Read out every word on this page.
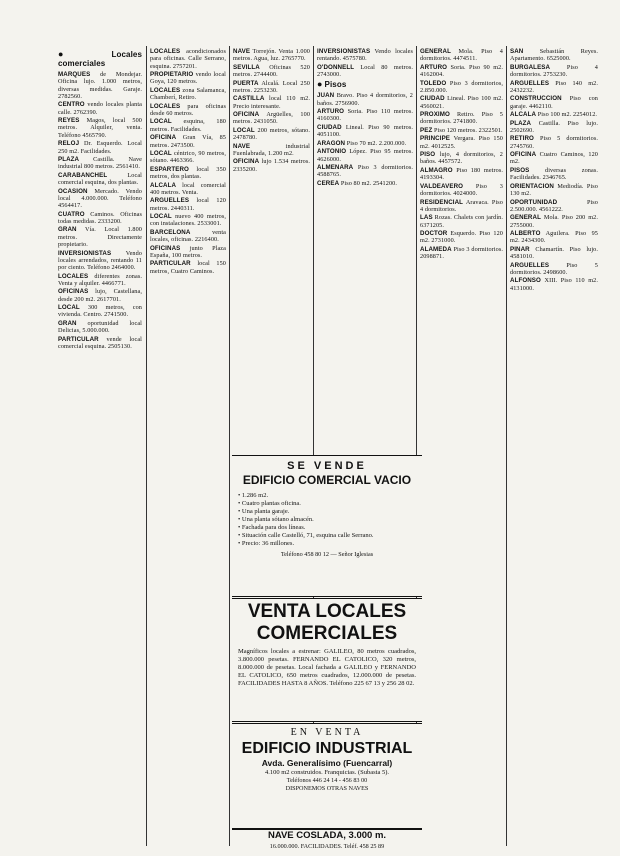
● Locales comerciales

MARQUES de Mondejar. Oficina lujo. 1.000 metros, diversas medidas. Garaje. 2782560.

CENTRO vendo locales planta calle. 2762390.

REYES Magos, local 500 metros. Alquiler, venta. Teléfono 4565790.

RELOJ Dr. Esquerdo. Local 250 m2. Facilidades.

PLAZA Castilla. Nave industrial 800 metros. 2561410.

CARABANCHEL	Local comercial esquina, dos plantas.

OCASION Mercado. Vendo local 4.000.000. Teléfono 4564417.

CUATRO Caminos. Oficinas todas medidas. 2333200.

GRAN Vía. Local 1.800 metros. Directamente propietario.

INVERSIONISTAS Vendo locales arrendados, rentando 11 por ciento. Teléfono 2464000.

LOCALES diferentes zonas. Venta y alquiler. 4466771.

OFICINAS lujo, Castellana, desde 200 m2. 2617701.

LOCAL 300 metros, con vivienda. Centro. 2741500.

GRAN oportunidad local Delicias, 5.000.000.

PARTICULAR vende local comercial esquina. 2505130.

LOCALES acondicionados para oficinas. Calle Serrano, esquina. 2757201.

PROPIETARIO vendo local Goya, 120 metros.

LOCALES zona Salamanca, Chamberí, Retiro.

LOCALES para oficinas desde 60 metros.

LOCAL esquina, 180 metros. Facilidades.

OFICINA Gran Vía, 85 metros. 2473500.

LOCAL céntrico, 90 metros, sótano. 4463366.

ESPARTERO local 350 metros, dos plantas.

ALCALA local comercial 400 metros. Venta.

ARGUELLES local 120 metros. 2440311.

LOCAL nuevo 400 metros, con instalaciones. 2533001.

BARCELONA	venta locales, oficinas. 2216400.

OFICINAS junto Plaza España, 100 metros.

PARTICULAR local 150 metros, Cuatro Caminos.

NAVE Torrejón. Venta 1.000 metros. Agua, luz. 2765770.

SEVILLA Oficinas 520 metros. 2744400.

PUERTA Alcalá. Local 250 metros. 2253230.

CASTILLA local 110 m2. Precio interesante.

OFICINA Argüelles, 100 metros. 2431050.

LOCAL 200 metros, sótano. 2478780.

NAVE	industrial Fuenlabrada, 1.200 m2.

OFICINA lujo 1.534 metros. 2335200.

INVERSIONISTAS Vendo locales rentando. 4575780.

O'DONNELL Local 80 metros. 2743000.

● Pisos

JUAN Bravo. Piso 4 dormitorios, 2 baños. 2756900.

ARTURO Soria. Piso 110 metros. 4160300.

CIUDAD Lineal. Piso 90 metros. 4051100.

ARAGON Piso 70 m2. 2.200.000.

ANTONIO López. Piso 95 metros. 4626000.

ALMENARA Piso 3 dormitorios. 4588765.

CEREA Piso 80 m2. 2541200.

GENERAL Mola. Piso 4 dormitorios. 4474511.

ARTURO Soria. Piso 90 m2. 4162004.

TOLEDO Piso 3 dormitorios, 2.850.000.

CIUDAD Lineal. Piso 100 m2. 4560021.

PROXIMO Retiro. Piso 5 dormitorios. 2741800.

PEZ Piso 120 metros. 2322501.

PRINCIPE Vergara. Piso 150 m2. 4012525.

PISO lujo, 4 dormitorios, 2 baños. 4457572.

ALMAGRO Piso 180 metros. 4193304.

VALDEAVERO Piso 3 dormitorios. 4024000.

RESIDENCIAL Aravaca. Piso 4 dormitorios.

LAS Rozas. Chalets con jardín. 6371205.

DOCTOR Esquerdo. Piso 120 m2. 2731000.

ALAMEDA Piso 3 dormitorios. 2098871.

SAN	Sebastián Reyes. Apartamento. 6525000.

BURGALESA	Piso 4 dormitorios. 2753230.

ARGUELLES Piso 140 m2. 2432232.

CONSTRUCCION Piso con garaje. 4462110.

ALCALA Piso 100 m2. 2254012.

PLAZA Castilla. Piso lujo. 2502690.

RETIRO Piso 5 dormitorios. 2745760.

OFICINA Cuatro Caminos, 120 m2.

PISOS	diversas zonas. Facilidades. 2346765.

ORIENTACION Mediodía. Piso 130 m2.

OPORTUNIDAD	Piso 2.500.000. 4561222.

GENERAL Mola. Piso 200 m2. 2755000.

ALBERTO Aguilera. Piso 95 m2. 2434300.

PINAR Chamartín. Piso lujo. 4581010.

ARGUELLES	Piso 5 dormitorios. 2498600.

ALFONSO XIII. Piso 110 m2. 4131000.

SE VENDE
EDIFICIO COMERCIAL VACIO
• 1.286 m2.
• Cuatro plantas oficina.
• Una planta garaje.
• Una planta sótano almacén.
• Fachada para dos líneas.
• Situación calle Castelló, 71, esquina calle Serrano.
• Precio: 36 millones.
Teléfono 458 80 12 — Señor Iglesias
VENTA LOCALES
COMERCIALES
Magníficos locales a estrenar: GALILEO, 80 metros cuadrados, 3.800.000 pesetas. FERNANDO EL CATOLICO, 320 metros, 8.000.000 de pesetas. Local fachada a GALILEO y FERNANDO EL CATOLICO, 650 metros cuadrados, 12.000.000 de pesetas. FACILIDADES HASTA 8 AÑOS. Teléfono 225 67 13 y 256 28 02.
EN VENTA
EDIFICIO INDUSTRIAL
Avda. Generalísimo (Fuencarral)
4.100 m2 construidos. Franquicias. (Subasta 5).
Teléfonos 446 24 14 - 456 83 00
DISPONEMOS OTRAS NAVES
NAVE COSLADA, 3.000 m.
16.000.000. FACILIDADES. Teléf. 458 25 89
